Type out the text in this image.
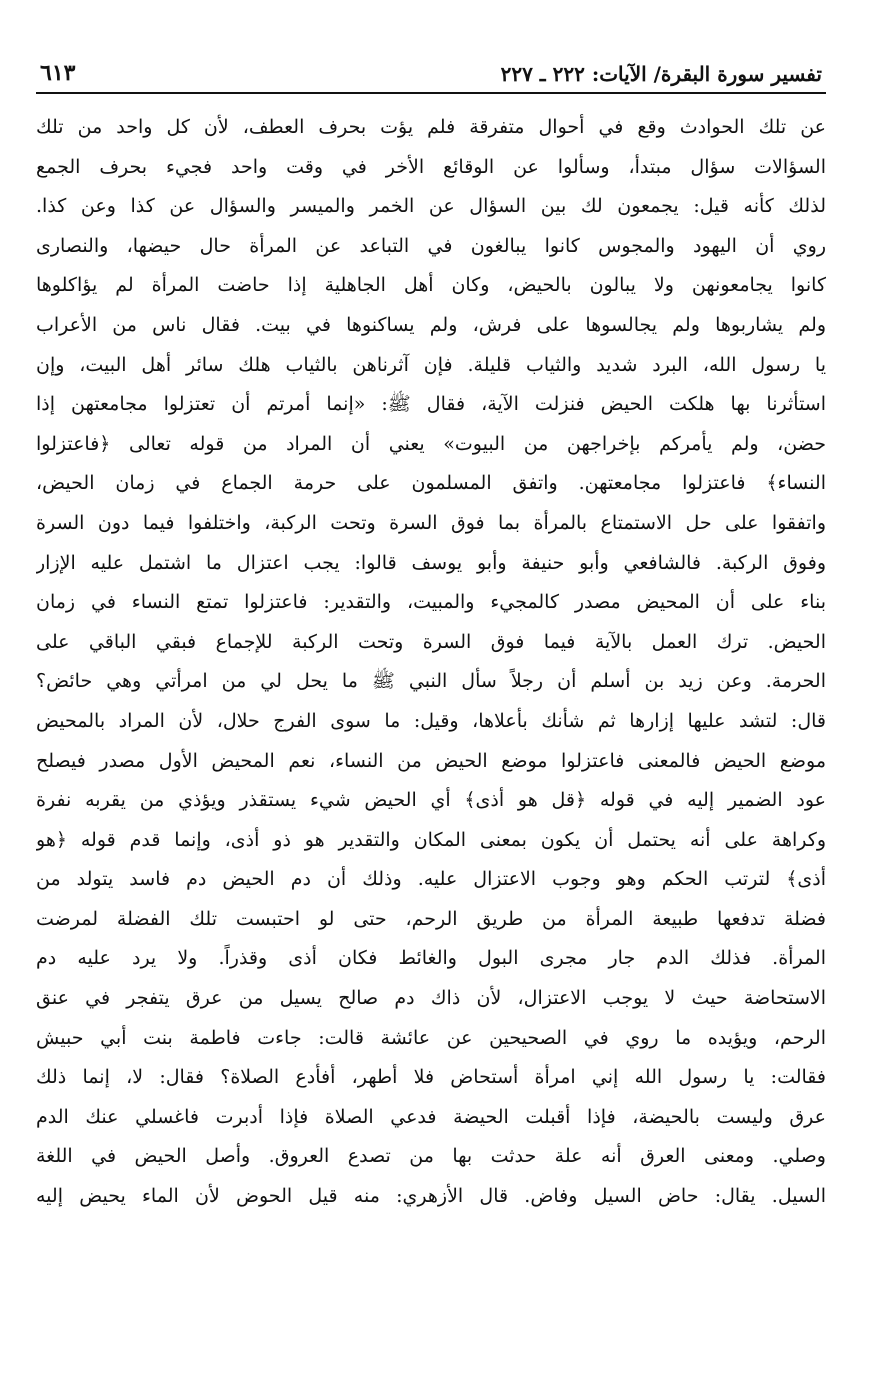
تفسير سورة البقرة/ الآيات: ٢٢٢ ـ ٢٢٧
٦١٣
عن تلك الحوادث وقع في أحوال متفرقة فلم يؤت بحرف العطف، لأن كل واحد من تلك
السؤالات سؤال مبتدأ، وسألوا عن الوقائع الأخر في وقت واحد فجيء بحرف الجمع
لذلك كأنه قيل: يجمعون لك بين السؤال عن الخمر والميسر والسؤال عن كذا وعن كذا.
روي أن اليهود والمجوس كانوا يبالغون في التباعد عن المرأة حال حيضها، والنصارى
كانوا يجامعونهن ولا يبالون بالحيض، وكان أهل الجاهلية إذا حاضت المرأة لم يؤاكلوها
ولم يشاربوها ولم يجالسوها على فرش، ولم يساكنوها في بيت. فقال ناس من الأعراب
يا رسول الله، البرد شديد والثياب قليلة. فإن آثرناهن بالثياب هلك سائر أهل البيت، وإن
استأثرنا بها هلكت الحيض فنزلت الآية، فقال ﷺ: «إنما أمرتم أن تعتزلوا مجامعتهن إذا
حضن، ولم يأمركم بإخراجهن من البيوت» يعني أن المراد من قوله تعالى ﴿فاعتزلوا
النساء﴾ فاعتزلوا مجامعتهن. واتفق المسلمون على حرمة الجماع في زمان الحيض،
واتفقوا على حل الاستمتاع بالمرأة بما فوق السرة وتحت الركبة، واختلفوا فيما دون السرة
وفوق الركبة. فالشافعي وأبو حنيفة وأبو يوسف قالوا: يجب اعتزال ما اشتمل عليه الإزار
بناء على أن المحيض مصدر كالمجيء والمبيت، والتقدير: فاعتزلوا تمتع النساء في زمان
الحيض. ترك العمل بالآية فيما فوق السرة وتحت الركبة للإجماع فبقي الباقي على
الحرمة. وعن زيد بن أسلم أن رجلاً سأل النبي ﷺ ما يحل لي من امرأتي وهي حائض؟
قال: لتشد عليها إزارها ثم شأنك بأعلاها، وقيل: ما سوى الفرج حلال، لأن المراد بالمحيض
موضع الحيض فالمعنى فاعتزلوا موضع الحيض من النساء، نعم المحيض الأول مصدر فيصلح
عود الضمير إليه في قوله ﴿قل هو أذى﴾ أي الحيض شيء يستقذر ويؤذي من يقربه نفرة
وكراهة على أنه يحتمل أن يكون بمعنى المكان والتقدير هو ذو أذى، وإنما قدم قوله ﴿هو
أذى﴾ لترتب الحكم وهو وجوب الاعتزال عليه. وذلك أن دم الحيض دم فاسد يتولد من
فضلة تدفعها طبيعة المرأة من طريق الرحم، حتى لو احتبست تلك الفضلة لمرضت
المرأة. فذلك الدم جار مجرى البول والغائط فكان أذى وقذراً. ولا يرد عليه دم
الاستحاضة حيث لا يوجب الاعتزال، لأن ذاك دم صالح يسيل من عرق يتفجر في عنق
الرحم، ويؤيده ما روي في الصحيحين عن عائشة قالت: جاءت فاطمة بنت أبي حبيش
فقالت: يا رسول الله إني امرأة أستحاض فلا أطهر، أفأدع الصلاة؟ فقال: لا، إنما ذلك
عرق وليست بالحيضة، فإذا أقبلت الحيضة فدعي الصلاة فإذا أدبرت فاغسلي عنك الدم
وصلي. ومعنى العرق أنه علة حدثت بها من تصدع العروق. وأصل الحيض في اللغة
السيل. يقال: حاض السيل وفاض. قال الأزهري: منه قيل الحوض لأن الماء يحيض إليه
